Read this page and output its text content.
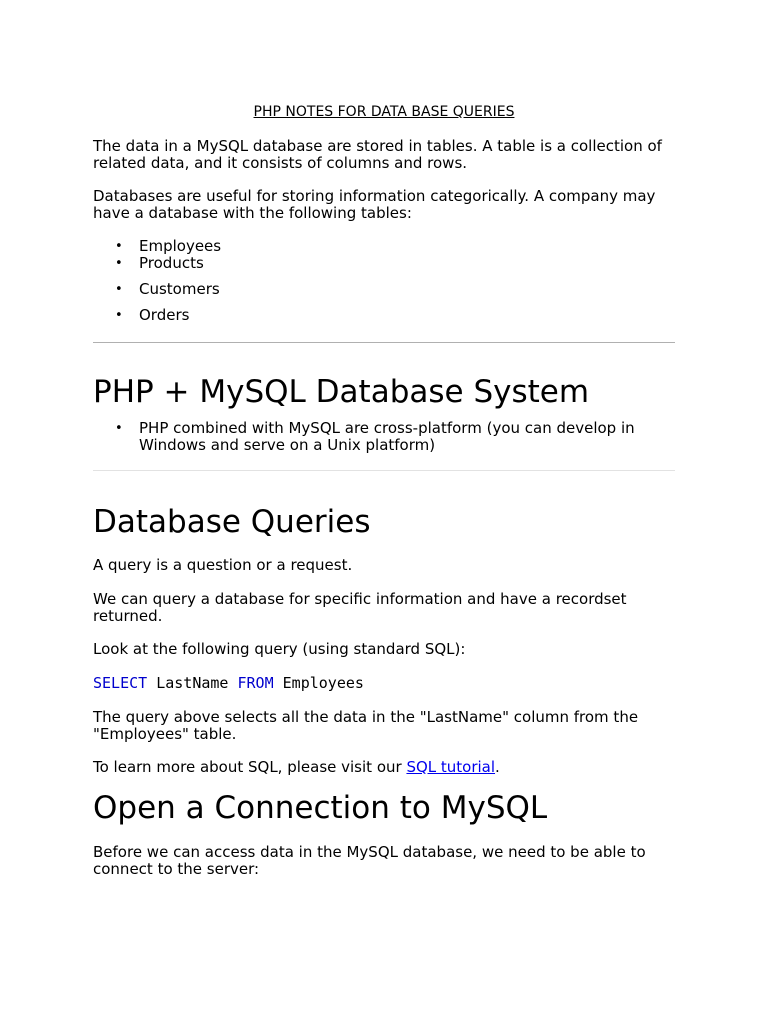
PHP NOTES FOR DATA BASE QUERIES

The data in a MySQL database are stored in tables. A table is a collection of related data, and it consists of columns and rows.

Databases are useful for storing information categorically. A company may have a database with the following tables:

• Employees
• Products
• Customers
• Orders
PHP + MySQL Database System
• PHP combined with MySQL are cross-platform (you can develop in Windows and serve on a Unix platform)
Database Queries

A query is a question or a request.

We can query a database for specific information and have a recordset returned.

Look at the following query (using standard SQL):

SELECT LastName FROM Employees

The query above selects all the data in the "LastName" column from the "Employees" table.

To learn more about SQL, please visit our SQL tutorial.

Open a Connection to MySQL

Before we can access data in the MySQL database, we need to be able to connect to the server:
